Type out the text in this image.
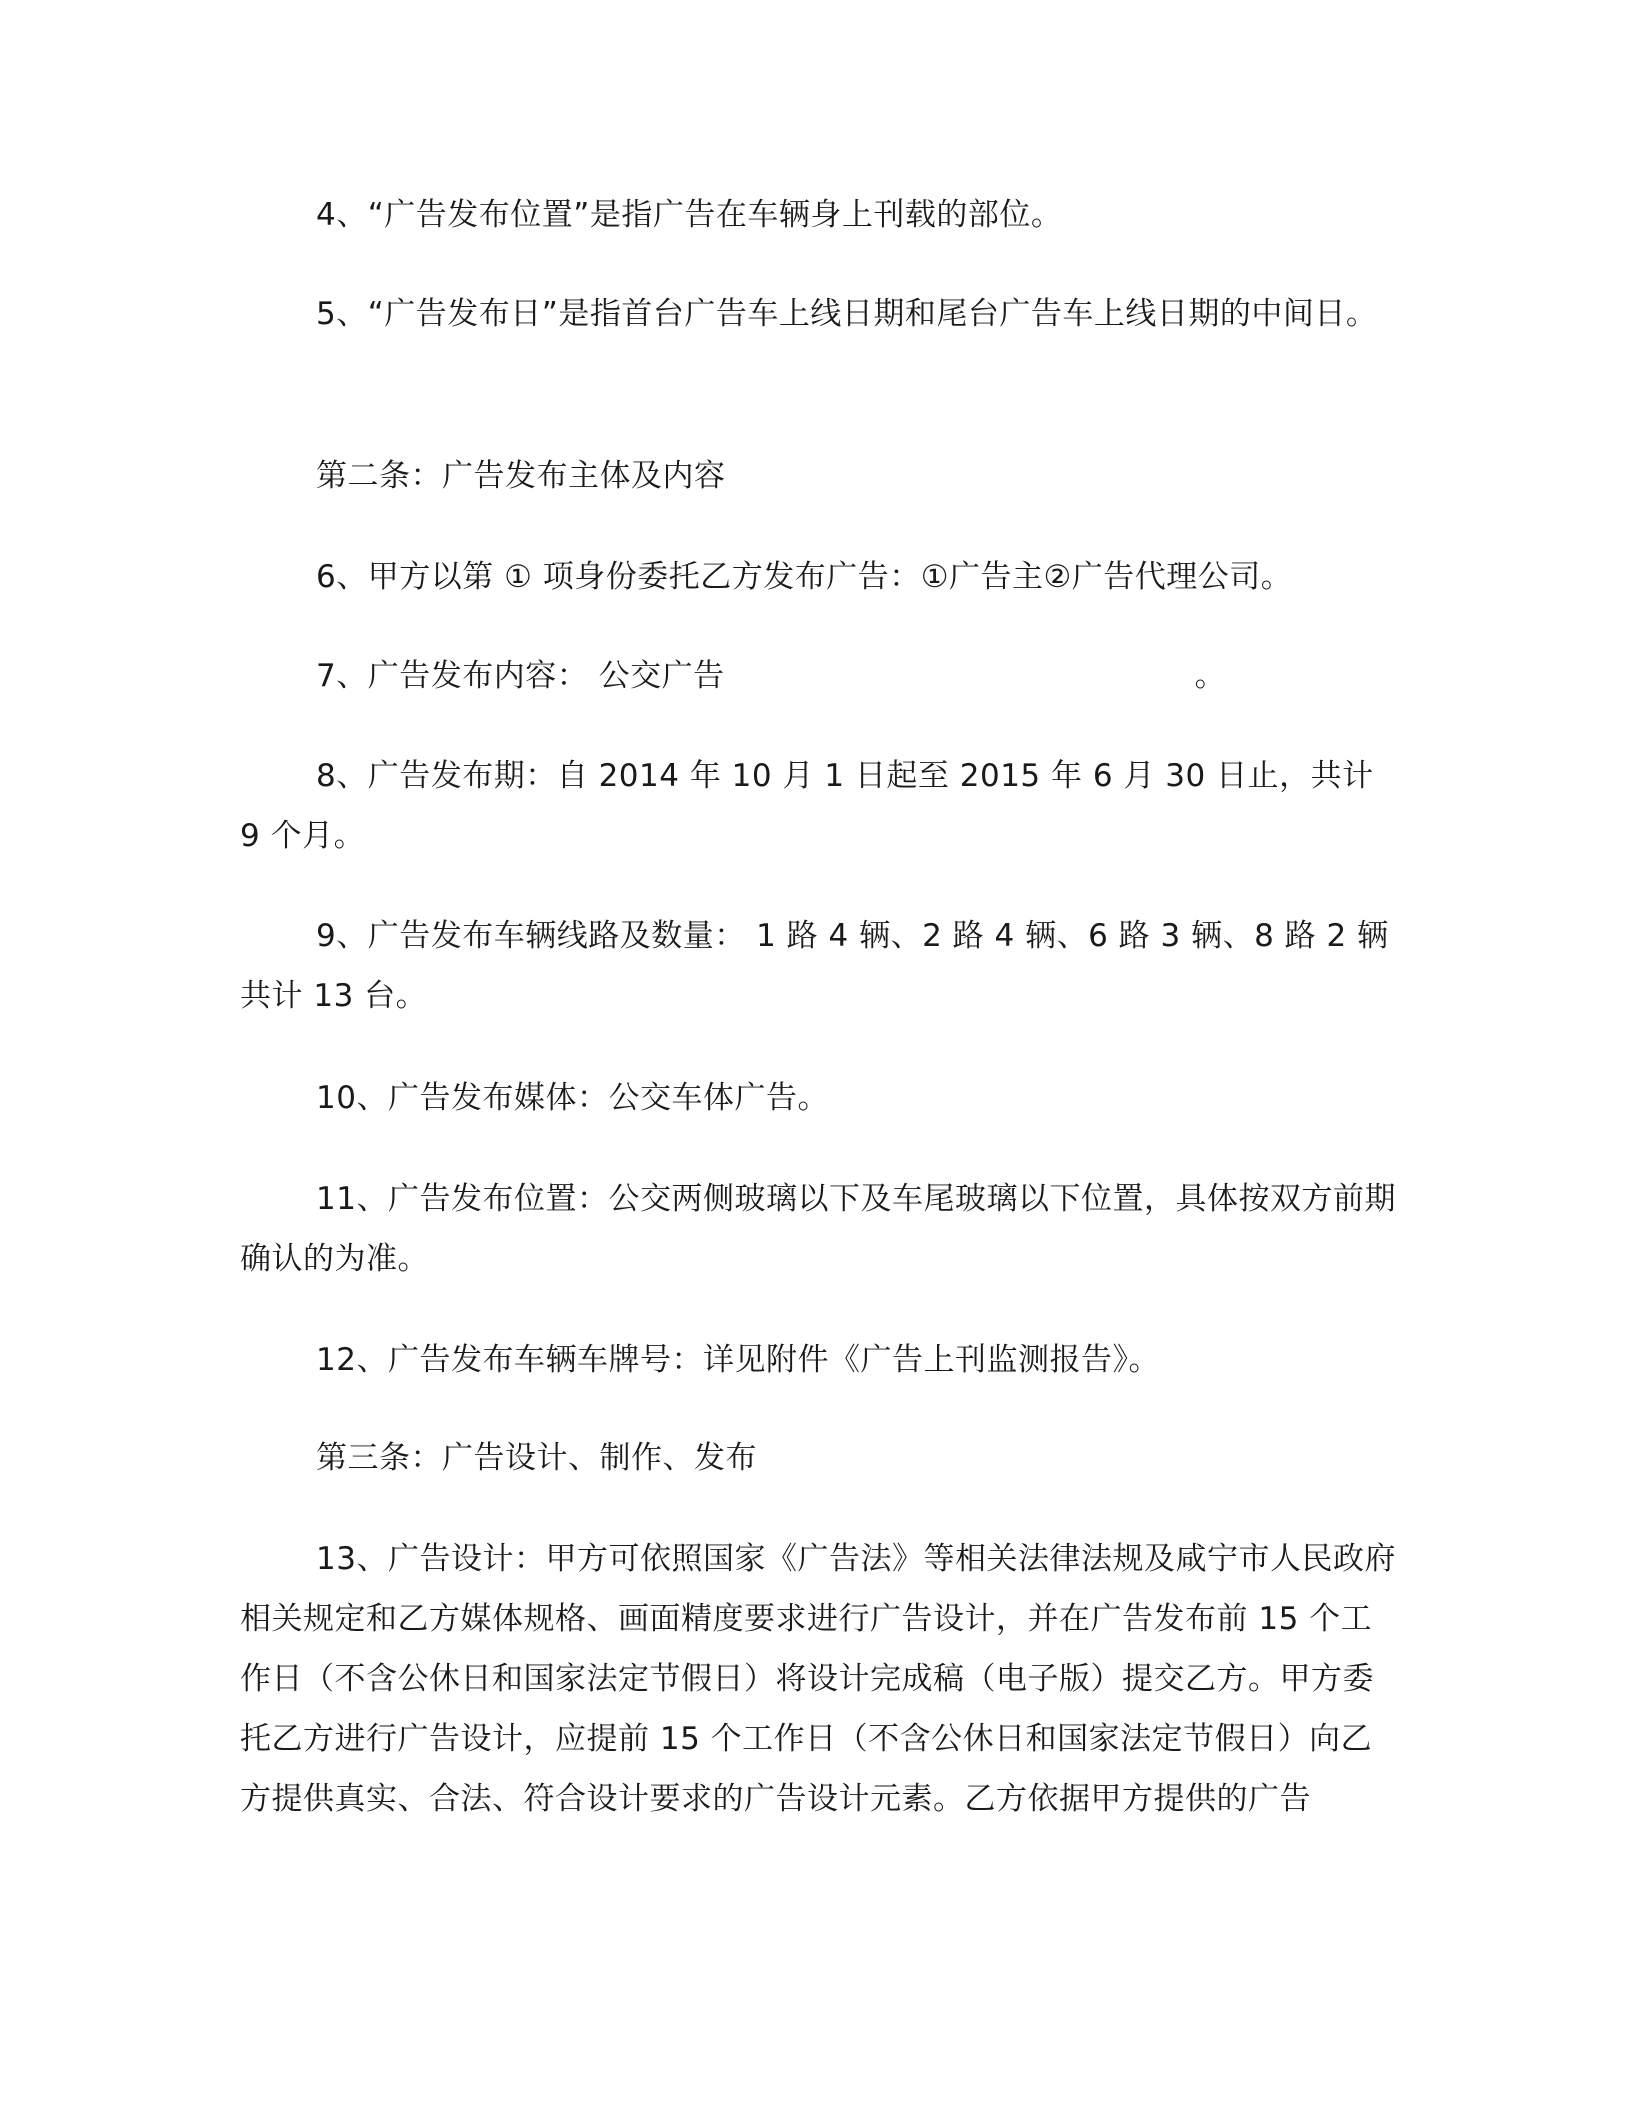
4、“广告发布位置”是指广告在车辆身上刊载的部位。

5、“广告发布日”是指首台广告车上线日期和尾台广告车上线日期的中间日。

第二条：广告发布主体及内容

6、甲方以第 ① 项身份委托乙方发布广告：①广告主②广告代理公司。

7、广告发布内容： 公交广告	。

8、广告发布期：自 2014 年 10 月 1 日起至 2015 年 6 月 30 日止，共计 9 个月。

9、广告发布车辆线路及数量： 1 路 4 辆、2 路 4 辆、6 路 3 辆、8 路 2 辆 共计 13 台。

10、广告发布媒体：公交车体广告。

11、广告发布位置：公交两侧玻璃以下及车尾玻璃以下位置，具体按双方前期确认的为准。

12、广告发布车辆车牌号：详见附件《广告上刊监测报告》。

第三条：广告设计、制作、发布

13、广告设计：甲方可依照国家《广告法》等相关法律法规及咸宁市人民政府相关规定和乙方媒体规格、画面精度要求进行广告设计，并在广告发布前 15 个工作日（不含公休日和国家法定节假日）将设计完成稿（电子版）提交乙方。甲方委托乙方进行广告设计，应提前 15 个工作日（不含公休日和国家法定节假日）向乙方提供真实、合法、符合设计要求的广告设计元素。乙方依据甲方提供的广告
